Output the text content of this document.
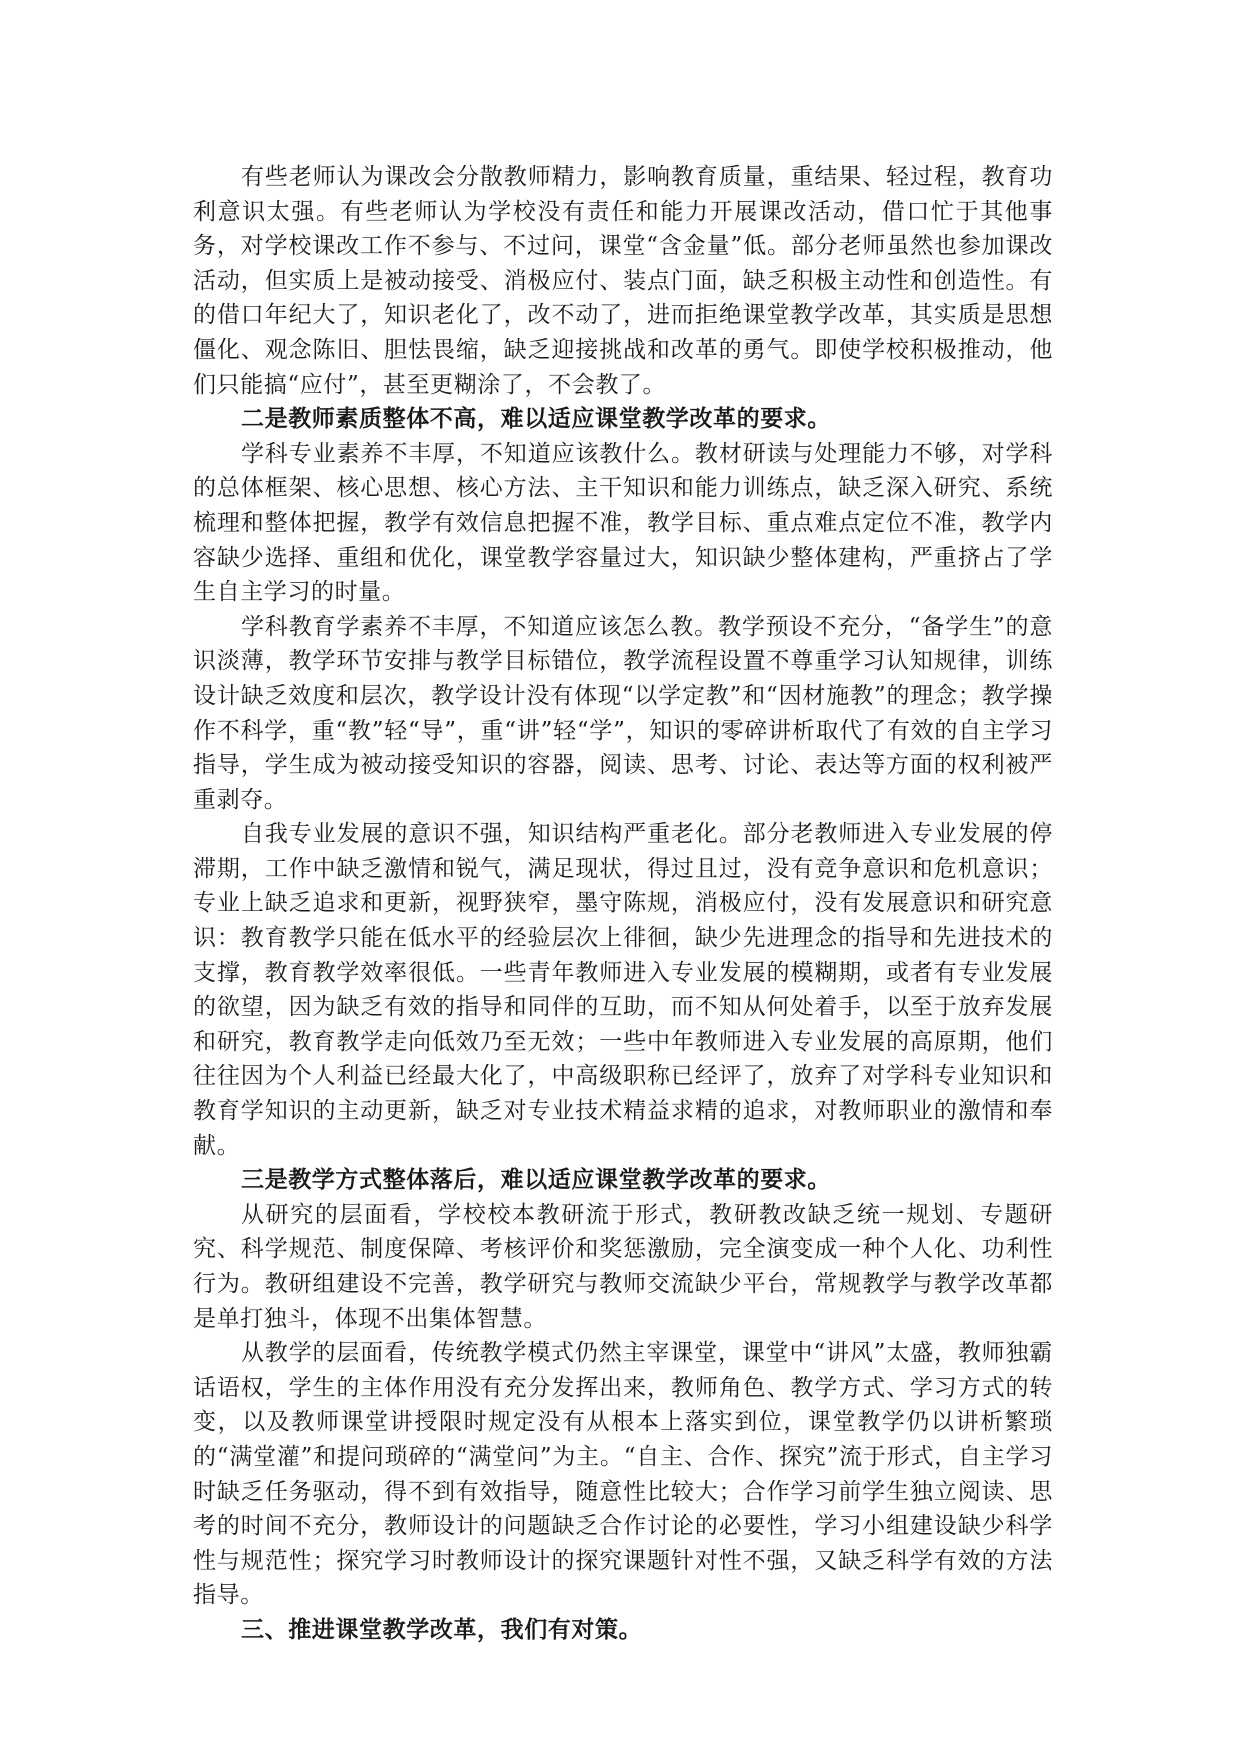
有些老师认为课改会分散教师精力，影响教育质量，重结果、轻过程，教育功利意识太强。有些老师认为学校没有责任和能力开展课改活动，借口忙于其他事务，对学校课改工作不参与、不过问，课堂“含金量”低。部分老师虽然也参加课改活动，但实质上是被动接受、消极应付、装点门面，缺乏积极主动性和创造性。有的借口年纪大了，知识老化了，改不动了，进而拒绝课堂教学改革，其实质是思想僵化、观念陈旧、胆怯畏缩，缺乏迎接挑战和改革的勇气。即使学校积极推动，他们只能搞“应付”，甚至更糊涂了，不会教了。

二是教师素质整体不高，难以适应课堂教学改革的要求。

学科专业素养不丰厚，不知道应该教什么。教材研读与处理能力不够，对学科的总体框架、核心思想、核心方法、主干知识和能力训练点，缺乏深入研究、系统梳理和整体把握，教学有效信息把握不准，教学目标、重点难点定位不准，教学内容缺少选择、重组和优化，课堂教学容量过大，知识缺少整体建构，严重挤占了学生自主学习的时量。

学科教育学素养不丰厚，不知道应该怎么教。教学预设不充分，“备学生”的意识淡薄，教学环节安排与教学目标错位，教学流程设置不尊重学习认知规律，训练设计缺乏效度和层次，教学设计没有体现“以学定教”和“因材施教”的理念；教学操作不科学，重“教”轻“导”，重“讲”轻“学”，知识的零碎讲析取代了有效的自主学习指导，学生成为被动接受知识的容器，阅读、思考、讨论、表达等方面的权利被严重剥夺。

自我专业发展的意识不强，知识结构严重老化。部分老教师进入专业发展的停滞期，工作中缺乏激情和锐气，满足现状，得过且过，没有竞争意识和危机意识；专业上缺乏追求和更新，视野狭窄，墨守陈规，消极应付，没有发展意识和研究意识：教育教学只能在低水平的经验层次上徘徊，缺少先进理念的指导和先进技术的支撑，教育教学效率很低。一些青年教师进入专业发展的模糊期，或者有专业发展的欲望，因为缺乏有效的指导和同伴的互助，而不知从何处着手，以至于放弃发展和研究，教育教学走向低效乃至无效；一些中年教师进入专业发展的高原期，他们往往因为个人利益已经最大化了，中高级职称已经评了，放弃了对学科专业知识和教育学知识的主动更新，缺乏对专业技术精益求精的追求，对教师职业的激情和奉献。

三是教学方式整体落后，难以适应课堂教学改革的要求。

从研究的层面看，学校校本教研流于形式，教研教改缺乏统一规划、专题研究、科学规范、制度保障、考核评价和奖惩激励，完全演变成一种个人化、功利性行为。教研组建设不完善，教学研究与教师交流缺少平台，常规教学与教学改革都是单打独斗，体现不出集体智慧。

从教学的层面看，传统教学模式仍然主宰课堂，课堂中“讲风”太盛，教师独霸话语权，学生的主体作用没有充分发挥出来，教师角色、教学方式、学习方式的转变，以及教师课堂讲授限时规定没有从根本上落实到位，课堂教学仍以讲析繁琐的“满堂灌”和提问琐碎的“满堂问”为主。“自主、合作、探究”流于形式，自主学习时缺乏任务驱动，得不到有效指导，随意性比较大；合作学习前学生独立阅读、思考的时间不充分，教师设计的问题缺乏合作讨论的必要性，学习小组建设缺少科学性与规范性；探究学习时教师设计的探究课题针对性不强，又缺乏科学有效的方法指导。

三、推进课堂教学改革，我们有对策。
